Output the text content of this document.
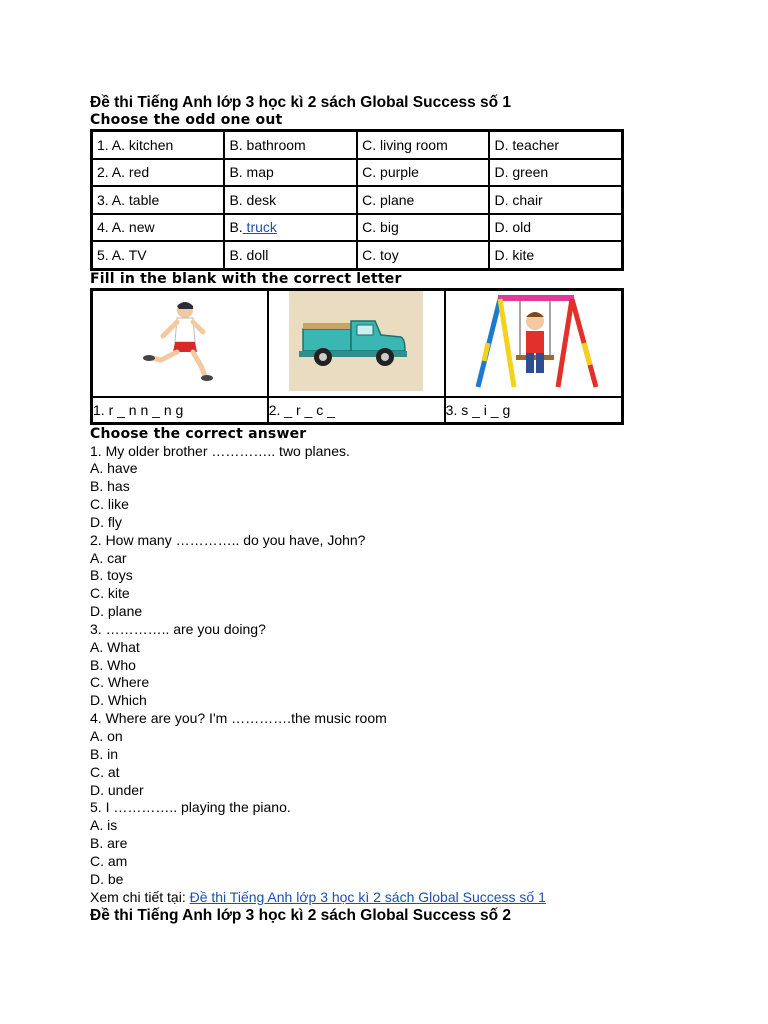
Đề thi Tiếng Anh lớp 3 học kì 2 sách Global Success số 1

Choose the odd one out

1. A. kitchen	B. bathroom	C. living room	D. teacher
2. A. red	B. map	C. purple	D. green
3. A. table	B. desk	C. plane	D. chair
4. A. new	B. truck	C. big	D. old
5. A. TV	B. doll	C. toy	D. kite

Fill in the blank with the correct letter

1. r _ n n _ n g	2. _ r _ c _	3. s _ i _ g

Choose the correct answer

1. My older brother ………….. two planes.

A. have

B. has

C. like

D. fly

2. How many ………….. do you have, John?

A. car

B. toys

C. kite

D. plane

3. ………….. are you doing?

A. What

B. Who

C. Where

D. Which

4. Where are you? I'm ………….the music room

A. on

B. in

C. at

D. under

5. I ………….. playing the piano.

A. is

B. are

C. am

D. be

Xem chi tiết tại: Đề thi Tiếng Anh lớp 3 học kì 2 sách Global Success số 1

Đề thi Tiếng Anh lớp 3 học kì 2 sách Global Success số 2
